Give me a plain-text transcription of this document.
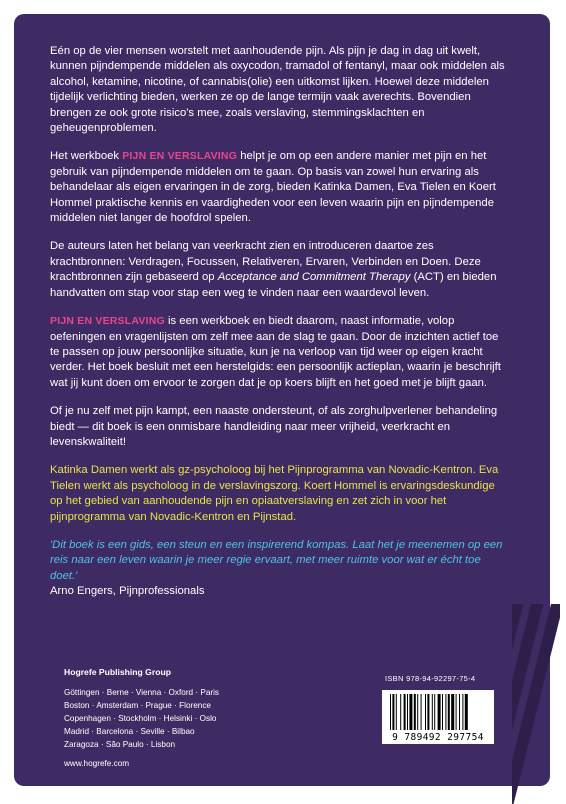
Eén op de vier mensen worstelt met aanhoudende pijn. Als pijn je dag in dag uit kwelt, kunnen pijndempende middelen als oxycodon, tramadol of fentanyl, maar ook middelen als alcohol, ketamine, nicotine, of cannabis(olie) een uitkomst lijken. Hoewel deze middelen tijdelijk verlichting bieden, werken ze op de lange termijn vaak averechts. Bovendien brengen ze ook grote risico's mee, zoals verslaving, stemmingsklachten en geheugenproblemen.

Het werkboek PIJN EN VERSLAVING helpt je om op een andere manier met pijn en het gebruik van pijndempende middelen om te gaan. Op basis van zowel hun ervaring als behandelaar als eigen ervaringen in de zorg, bieden Katinka Damen, Eva Tielen en Koert Hommel praktische kennis en vaardigheden voor een leven waarin pijn en pijndempende middelen niet langer de hoofdrol spelen.

De auteurs laten het belang van veerkracht zien en introduceren daartoe zes krachtbronnen: Verdragen, Focussen, Relativeren, Ervaren, Verbinden en Doen. Deze krachtbronnen zijn gebaseerd op Acceptance and Commitment Therapy (ACT) en bieden handvatten om stap voor stap een weg te vinden naar een waardevol leven.

PIJN EN VERSLAVING is een werkboek en biedt daarom, naast informatie, volop oefeningen en vragenlijsten om zelf mee aan de slag te gaan. Door de inzichten actief toe te passen op jouw persoonlijke situatie, kun je na verloop van tijd weer op eigen kracht verder. Het boek besluit met een herstelgids: een persoonlijk actieplan, waarin je beschrijft wat jij kunt doen om ervoor te zorgen dat je op koers blijft en het goed met je blijft gaan.

Of je nu zelf met pijn kampt, een naaste ondersteunt, of als zorghulpverlener behandeling biedt — dit boek is een onmisbare handleiding naar meer vrijheid, veerkracht en levenskwaliteit!

Katinka Damen werkt als gz-psycholoog bij het Pijnprogramma van Novadic-Kentron. Eva Tielen werkt als psycholoog in de verslavingszorg. Koert Hommel is ervaringsdeskundige op het gebied van aanhoudende pijn en opiaatverslaving en zet zich in voor het pijnprogramma van Novadic-Kentron en Pijnstad.

'Dit boek is een gids, een steun en een inspirerend kompas. Laat het je meenemen op een reis naar een leven waarin je meer regie ervaart, met meer ruimte voor wat er écht toe doet.'
Arno Engers, Pijnprofessionals
Hogrefe Publishing Group
Göttingen · Berne · Vienna · Oxford · Paris
Boston · Amsterdam · Prague · Florence
Copenhagen · Stockholm · Helsinki · Oslo
Madrid · Barcelona · Seville · Bilbao
Zaragoza · São Paulo · Lisbon
www.hogrefe.com
ISBN 978-94-92297-75-4
9 789492 297754
